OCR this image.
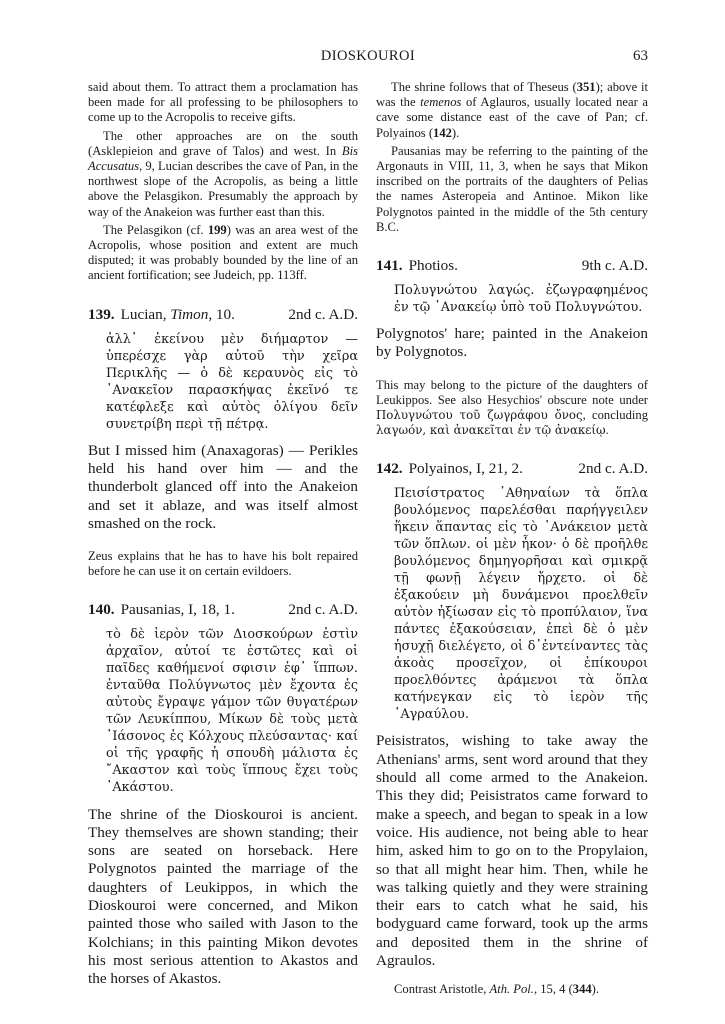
DIOSKOUROI	63

said about them. To attract them a proclamation has been made for all professing to be philosophers to come up to the Acropolis to receive gifts.

The other approaches are on the south (Asklepieion and grave of Talos) and west. In Bis Accusatus, 9, Lucian describes the cave of Pan, in the northwest slope of the Acropolis, as being a little above the Pelasgikon. Presumably the approach by way of the Anakeion was further east than this.

The Pelasgikon (cf. 199) was an area west of the Acropolis, whose position and extent are much disputed; it was probably bounded by the line of an ancient fortification; see Judeich, pp. 113ff.

139. Lucian, Timon, 10.	2nd c. A.D.

ἀλλ᾿ ἐκείνου μὲν διήμαρτον — ὑπερέσχε γὰρ αὐτοῦ τὴν χεῖρα Περικλῆς — ὁ δὲ κεραυνὸς εἰς τὸ ᾿Ανακεῖον παρασκήψας ἐκεῖνό τε κατέφλεξε καὶ αὐτὸς ὀλίγου δεῖν συνετρίβη περὶ τῇ πέτρᾳ.

But I missed him (Anaxagoras) — Perikles held his hand over him — and the thunderbolt glanced off into the Anakeion and set it ablaze, and was itself almost smashed on the rock.

Zeus explains that he has to have his bolt repaired before he can use it on certain evildoers.

140. Pausanias, I, 18, 1.	2nd c. A.D.

τὸ δὲ ἱερὸν τῶν Διοσκούρων ἐστὶν ἀρχαῖον, αὐτοί τε ἑστῶτες καὶ οἱ παῖδες καθήμενοί σφισιν ἐφ᾿ ἵππων. ἐνταῦθα Πολύγνωτος μὲν ἔχοντα ἐς αὐτοὺς ἔγραψε γάμον τῶν θυγατέρων τῶν Λευκίππου, Μίκων δὲ τοὺς μετὰ ᾿Ιάσονος ἐς Κόλχους πλεύσαντας· καί οἱ τῆς γραφῆς ἡ σπουδὴ μάλιστα ἐς ῎Ακαστον καὶ τοὺς ἵππους ἔχει τοὺς ᾿Ακάστου.

The shrine of the Dioskouroi is ancient. They themselves are shown standing; their sons are seated on horseback. Here Polygnotos painted the marriage of the daughters of Leukippos, in which the Dioskouroi were concerned, and Mikon painted those who sailed with Jason to the Kolchians; in this painting Mikon devotes his most serious attention to Akastos and the horses of Akastos.

The shrine follows that of Theseus (351); above it was the temenos of Aglauros, usually located near a cave some distance east of the cave of Pan; cf. Polyainos (142).

Pausanias may be referring to the painting of the Argonauts in VIII, 11, 3, when he says that Mikon inscribed on the portraits of the daughters of Pelias the names Asteropeia and Antinoe. Mikon like Polygnotos painted in the middle of the 5th century B.C.

141. Photios.	9th c. A.D.

Πολυγνώτου λαγώς. ἐζωγραφημένος ἐν τῷ ᾿Ανακείῳ ὑπὸ τοῦ Πολυγνώτου.

Polygnotos' hare; painted in the Anakeion by Polygnotos.

This may belong to the picture of the daughters of Leukippos. See also Hesychios' obscure note under Πολυγνώτου τοῦ ζωγράφου ὄνος, concluding λαγωόν, καὶ ἀνακεῖται ἐν τῷ ἀνακείῳ.

142. Polyainos, I, 21, 2.	2nd c. A.D.

Πεισίστρατος ᾿Αθηναίων τὰ ὅπλα βουλόμενος παρελέσθαι παρήγγειλεν ἥκειν ἅπαντας εἰς τὸ ᾿Ανάκειον μετὰ τῶν ὅπλων. οἱ μὲν ἧκον· ὁ δὲ προῆλθε βουλόμενος δημηγορῆσαι καὶ σμικρᾷ τῇ φωνῇ λέγειν ἤρχετο. οἱ δὲ ἐξακούειν μὴ δυνάμενοι προελθεῖν αὐτὸν ἠξίωσαν εἰς τὸ προπύλαιον, ἵνα πάντες ἐξακούσειαν, ἐπεὶ δὲ ὁ μὲν ἡσυχῇ διελέγετο, οἱ δ᾿ἐντείναντες τὰς ἀκοὰς προσεῖχον, οἱ ἐπίκουροι προελθόντες ἀράμενοι τὰ ὅπλα κατήνεγκαν εἰς τὸ ἱερὸν τῆς ᾿Αγραύλου.

Peisistratos, wishing to take away the Athenians' arms, sent word around that they should all come armed to the Anakeion. This they did; Peisistratos came forward to make a speech, and began to speak in a low voice. His audience, not being able to hear him, asked him to go on to the Propylaion, so that all might hear him. Then, while he was talking quietly and they were straining their ears to catch what he said, his bodyguard came forward, took up the arms and deposited them in the shrine of Agraulos.

Contrast Aristotle, Ath. Pol., 15, 4 (344).
